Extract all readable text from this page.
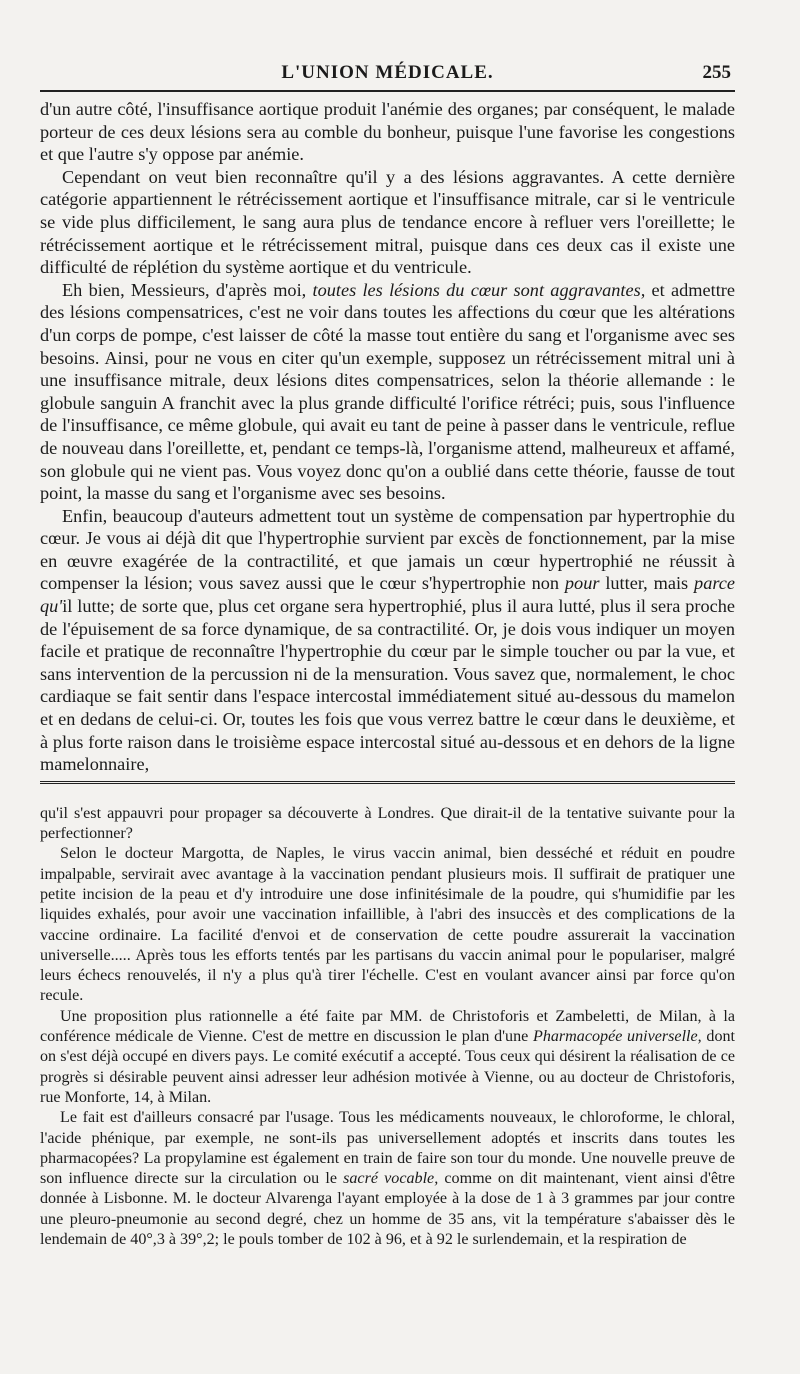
L'UNION MÉDICALE.	255

d'un autre côté, l'insuffisance aortique produit l'anémie des organes; par conséquent, le malade porteur de ces deux lésions sera au comble du bonheur, puisque l'une favorise les congestions et que l'autre s'y oppose par anémie.

Cependant on veut bien reconnaître qu'il y a des lésions aggravantes. A cette dernière catégorie appartiennent le rétrécissement aortique et l'insuffisance mitrale, car si le ventricule se vide plus difficilement, le sang aura plus de tendance encore à refluer vers l'oreillette; le rétrécissement aortique et le rétrécissement mitral, puisque dans ces deux cas il existe une difficulté de réplétion du système aortique et du ventricule.

Eh bien, Messieurs, d'après moi, toutes les lésions du cœur sont aggravantes, et admettre des lésions compensatrices, c'est ne voir dans toutes les affections du cœur que les altérations d'un corps de pompe, c'est laisser de côté la masse tout entière du sang et l'organisme avec ses besoins. Ainsi, pour ne vous en citer qu'un exemple, supposez un rétrécissement mitral uni à une insuffisance mitrale, deux lésions dites compensatrices, selon la théorie allemande : le globule sanguin A franchit avec la plus grande difficulté l'orifice rétréci; puis, sous l'influence de l'insuffisance, ce même globule, qui avait eu tant de peine à passer dans le ventricule, reflue de nouveau dans l'oreillette, et, pendant ce temps-là, l'organisme attend, malheureux et affamé, son globule qui ne vient pas. Vous voyez donc qu'on a oublié dans cette théorie, fausse de tout point, la masse du sang et l'organisme avec ses besoins.

Enfin, beaucoup d'auteurs admettent tout un système de compensation par hypertrophie du cœur. Je vous ai déjà dit que l'hypertrophie survient par excès de fonctionnement, par la mise en œuvre exagérée de la contractilité, et que jamais un cœur hypertrophié ne réussit à compenser la lésion; vous savez aussi que le cœur s'hypertrophie non pour lutter, mais parce qu'il lutte; de sorte que, plus cet organe sera hypertrophié, plus il aura lutté, plus il sera proche de l'épuisement de sa force dynamique, de sa contractilité. Or, je dois vous indiquer un moyen facile et pratique de reconnaître l'hypertrophie du cœur par le simple toucher ou par la vue, et sans intervention de la percussion ni de la mensuration. Vous savez que, normalement, le choc cardiaque se fait sentir dans l'espace intercostal immédiatement situé au-dessous du mamelon et en dedans de celui-ci. Or, toutes les fois que vous verrez battre le cœur dans le deuxième, et à plus forte raison dans le troisième espace intercostal situé au-dessous et en dehors de la ligne mamelonnaire,

qu'il s'est appauvri pour propager sa découverte à Londres. Que dirait-il de la tentative suivante pour la perfectionner?

Selon le docteur Margotta, de Naples, le virus vaccin animal, bien desséché et réduit en poudre impalpable, servirait avec avantage à la vaccination pendant plusieurs mois. Il suffirait de pratiquer une petite incision de la peau et d'y introduire une dose infinitésimale de la poudre, qui s'humidifie par les liquides exhalés, pour avoir une vaccination infaillible, à l'abri des insuccès et des complications de la vaccine ordinaire. La facilité d'envoi et de conservation de cette poudre assurerait la vaccination universelle..... Après tous les efforts tentés par les partisans du vaccin animal pour le populariser, malgré leurs échecs renouvelés, il n'y a plus qu'à tirer l'échelle. C'est en voulant avancer ainsi par force qu'on recule.

Une proposition plus rationnelle a été faite par MM. de Christoforis et Zambeletti, de Milan, à la conférence médicale de Vienne. C'est de mettre en discussion le plan d'une Pharmacopée universelle, dont on s'est déjà occupé en divers pays. Le comité exécutif a accepté. Tous ceux qui désirent la réalisation de ce progrès si désirable peuvent ainsi adresser leur adhésion motivée à Vienne, ou au docteur de Christoforis, rue Monforte, 14, à Milan.

Le fait est d'ailleurs consacré par l'usage. Tous les médicaments nouveaux, le chloroforme, le chloral, l'acide phénique, par exemple, ne sont-ils pas universellement adoptés et inscrits dans toutes les pharmacopées? La propylamine est également en train de faire son tour du monde. Une nouvelle preuve de son influence directe sur la circulation ou le sacré vocable, comme on dit maintenant, vient ainsi d'être donnée à Lisbonne. M. le docteur Alvarenga l'ayant employée à la dose de 1 à 3 grammes par jour contre une pleuro-pneumonie au second degré, chez un homme de 35 ans, vit la température s'abaisser dès le lendemain de 40°,3 à 39°,2; le pouls tomber de 102 à 96, et à 92 le surlendemain, et la respiration de
